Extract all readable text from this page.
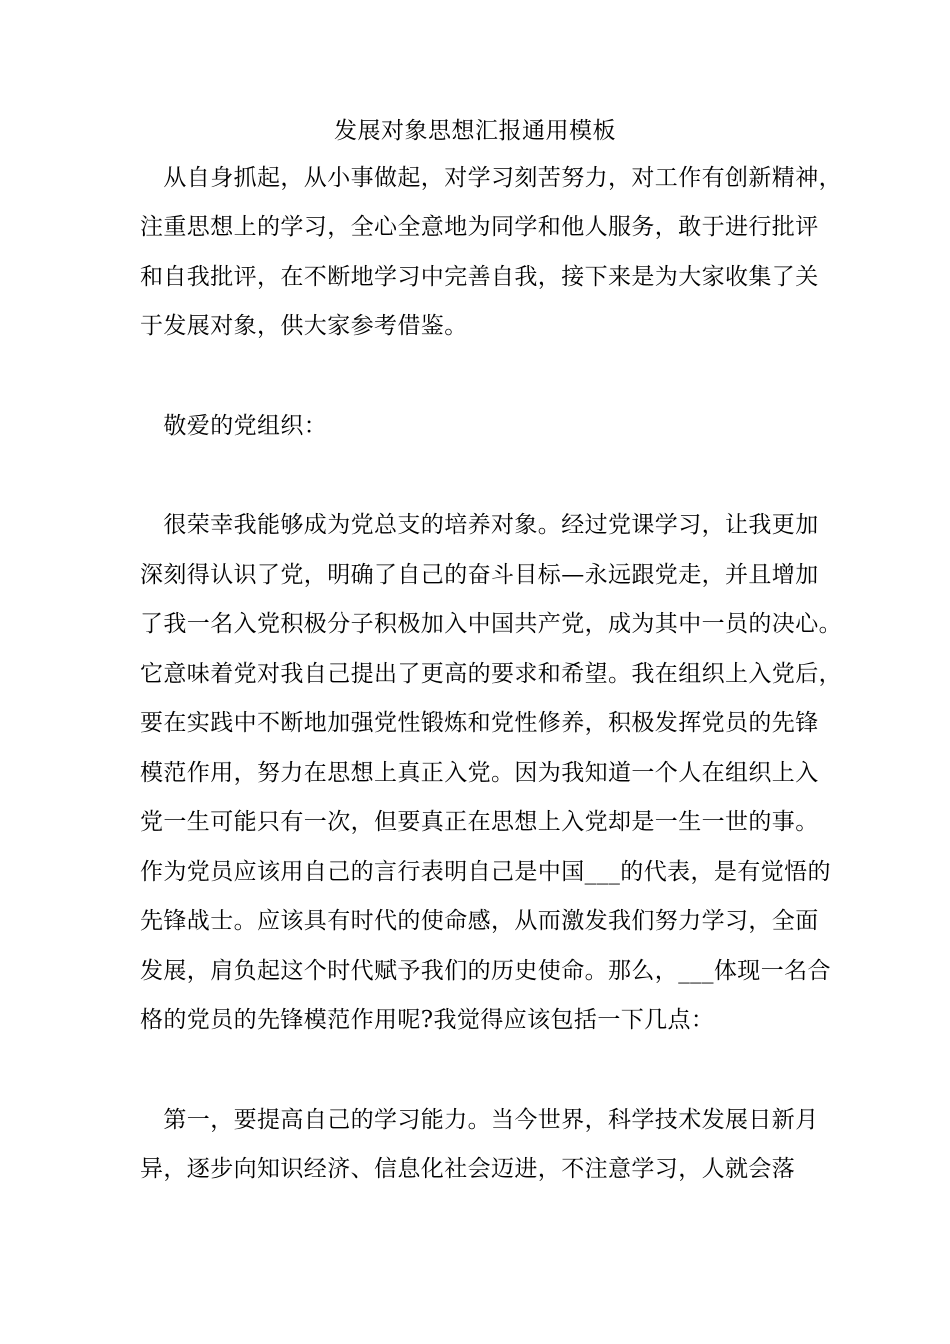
发展对象思想汇报通用模板
　从自身抓起，从小事做起，对学习刻苦努力，对工作有创新精神，
注重思想上的学习，全心全意地为同学和他人服务，敢于进行批评
和自我批评，在不断地学习中完善自我，接下来是为大家收集了关
于发展对象，供大家参考借鉴。
　敬爱的党组织：
　很荣幸我能够成为党总支的培养对象。经过党课学习，让我更加
深刻得认识了党，明确了自己的奋斗目标—永远跟党走，并且增加
了我一名入党积极分子积极加入中国共产党，成为其中一员的决心。
它意味着党对我自己提出了更高的要求和希望。我在组织上入党后，
要在实践中不断地加强党性锻炼和党性修养，积极发挥党员的先锋
模范作用，努力在思想上真正入党。因为我知道一个人在组织上入
党一生可能只有一次，但要真正在思想上入党却是一生一世的事。
作为党员应该用自己的言行表明自己是中国___的代表，是有觉悟的
先锋战士。应该具有时代的使命感，从而激发我们努力学习，全面
发展，肩负起这个时代赋予我们的历史使命。那么，___体现一名合
格的党员的先锋模范作用呢?我觉得应该包括一下几点：
　第一，要提高自己的学习能力。当今世界，科学技术发展日新月
异，逐步向知识经济、信息化社会迈进，不注意学习，人就会落
